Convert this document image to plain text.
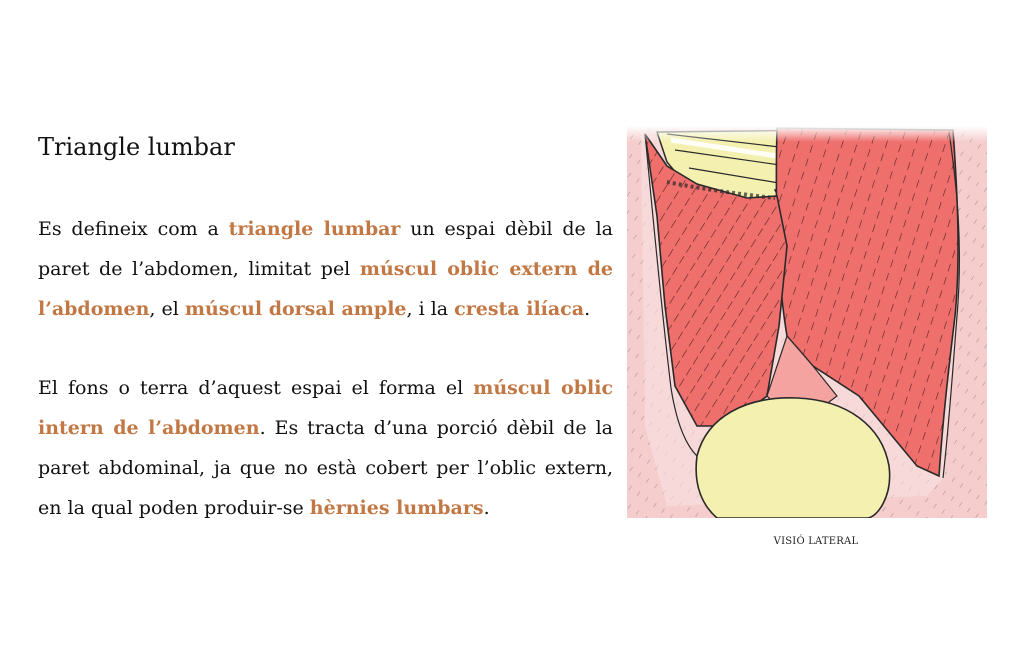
Triangle lumbar

Es defineix com a triangle lumbar un espai dèbil de la paret de l’abdomen, limitat pel múscul oblic extern de l’abdomen, el múscul dorsal ample, i la cresta ilíaca.

El fons o terra d’aquest espai el forma el múscul oblic intern de l’abdomen. Es tracta d’una porció dèbil de la paret abdominal, ja que no està cobert per l’oblic extern, en la qual poden produir-se hèrnies lumbars.

VISIÓ LATERAL
